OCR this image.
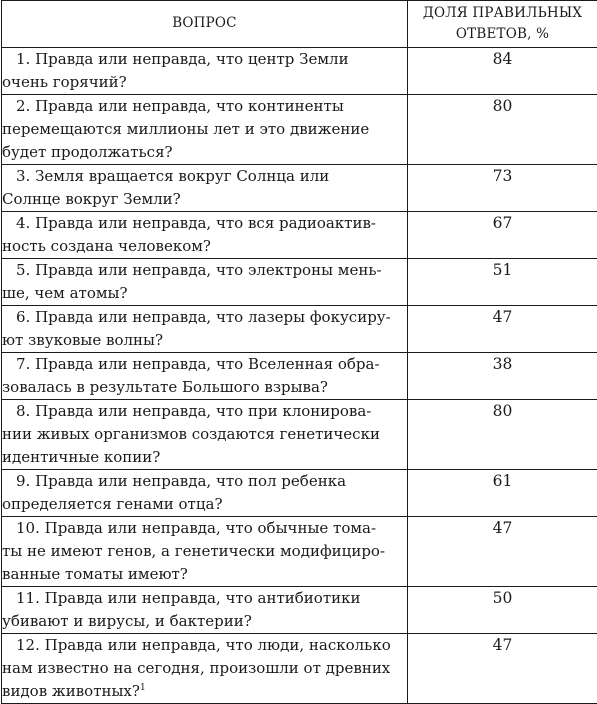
ВОПРОС	ДОЛЯ ПРАВИЛЬНЫХ
ОТВЕТОВ, %

1. Правда или неправда, что центр Земли
очень горячий?	84

2. Правда или неправда, что континенты
перемещаются миллионы лет и это движение
будет продолжаться?	80

3. Земля вращается вокруг Солнца или
Солнце вокруг Земли?	73

4. Правда или неправда, что вся радиоактив-
ность создана человеком?	67

5. Правда или неправда, что электроны мень-
ше, чем атомы?	51

6. Правда или неправда, что лазеры фокусиру-
ют звуковые волны?	47

7. Правда или неправда, что Вселенная обра-
зовалась в результате Большого взрыва?	38

8. Правда или неправда, что при клонирова-
нии живых организмов создаются генетически
идентичные копии?	80

9. Правда или неправда, что пол ребенка
определяется генами отца?	61

10. Правда или неправда, что обычные тома-
ты не имеют генов, а генетически модифициро-
ванные томаты имеют?	47

11. Правда или неправда, что антибиотики
убивают и вирусы, и бактерии?	50

12. Правда или неправда, что люди, насколько
нам известно на сегодня, произошли от древних
видов животных?$^1$	47
